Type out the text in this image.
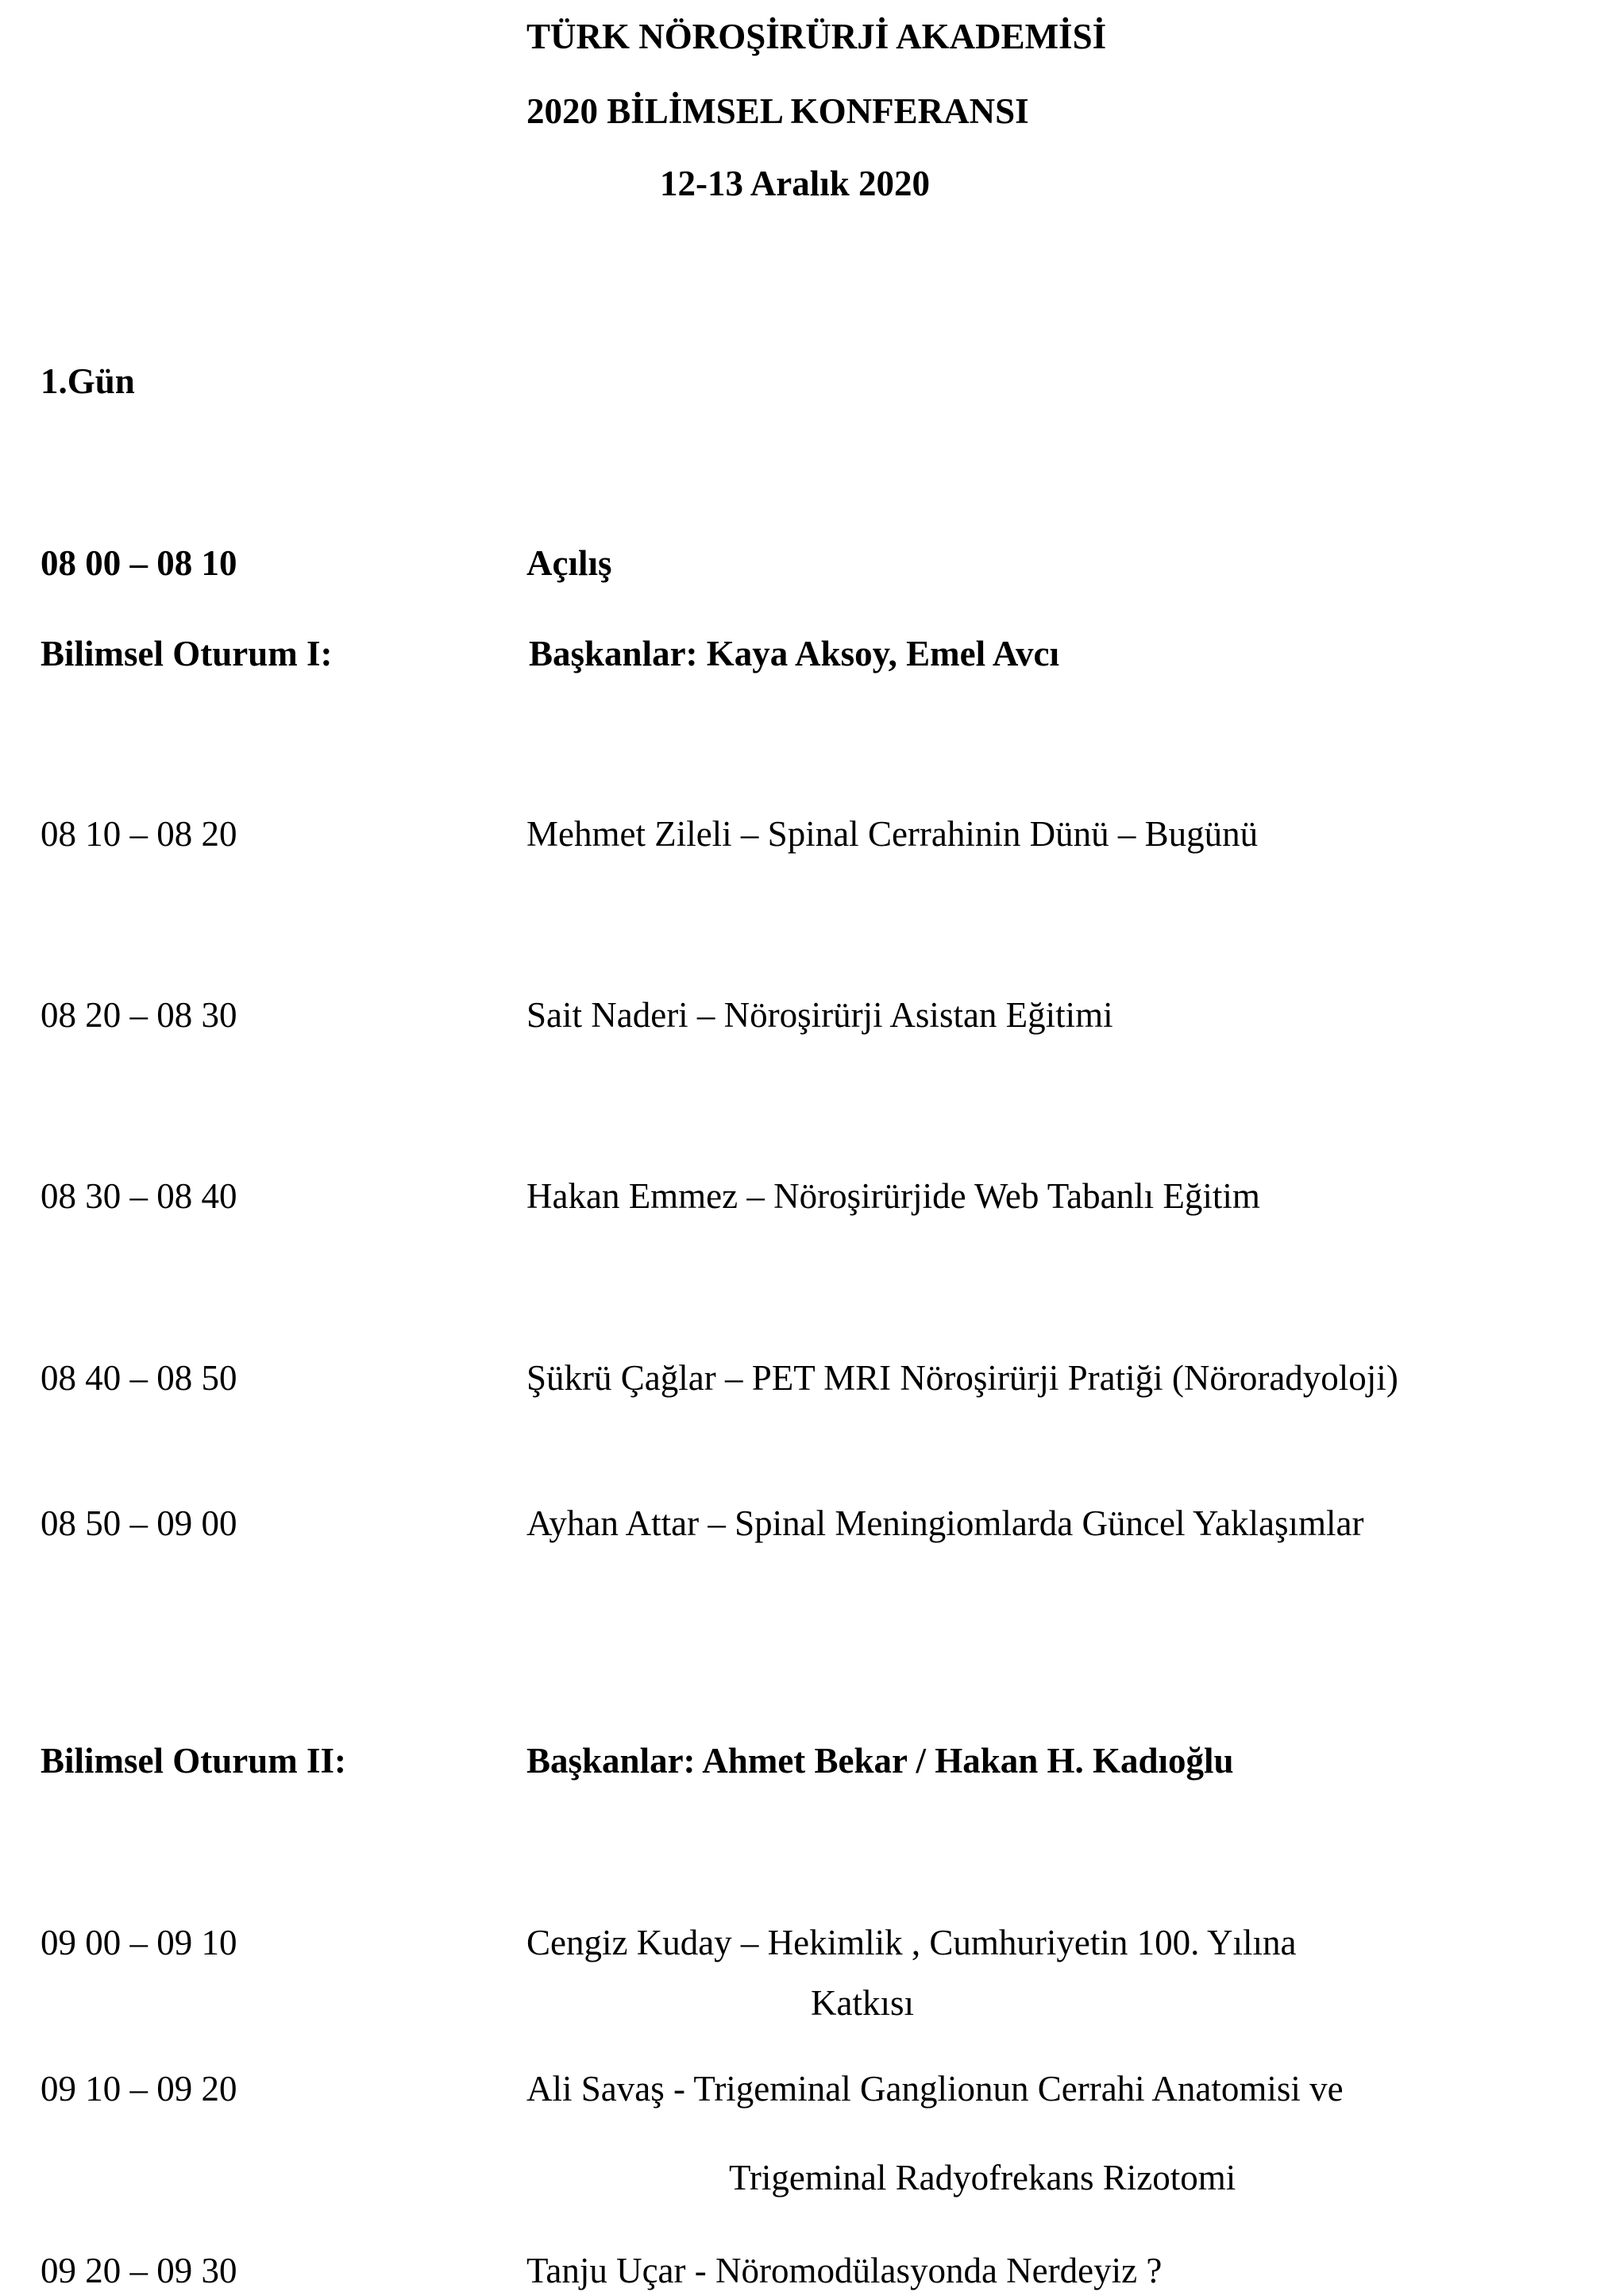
TÜRK NÖROŞİRÜRJİ AKADEMİSİ
2020 BİLİMSEL KONFERANSI
12-13 Aralık 2020
1.Gün
08 00 – 08 10	Açılış
Bilimsel Oturum I:	Başkanlar: Kaya Aksoy, Emel Avcı
08 10 – 08 20	Mehmet Zileli – Spinal Cerrahinin Dünü – Bugünü
08 20 – 08 30	Sait Naderi – Nöroşirürji Asistan Eğitimi
08 30 – 08 40	Hakan Emmez – Nöroşirürjide Web Tabanlı Eğitim
08 40 – 08 50	Şükrü Çağlar – PET MRI Nöroşirürji Pratiği (Nöroradyoloji)
08 50 – 09 00	Ayhan Attar – Spinal Meningiomlarda Güncel Yaklaşımlar
Bilimsel Oturum II:	Başkanlar: Ahmet Bekar / Hakan H. Kadıoğlu
09 00 – 09 10	Cengiz Kuday – Hekimlik , Cumhuriyetin 100. Yılına
Katkısı
09 10 – 09 20	Ali Savaş - Trigeminal Ganglionun Cerrahi Anatomisi ve
Trigeminal Radyofrekans Rizotomi
09 20 – 09 30	Tanju Uçar - Nöromodülasyonda Nerdeyiz ?
